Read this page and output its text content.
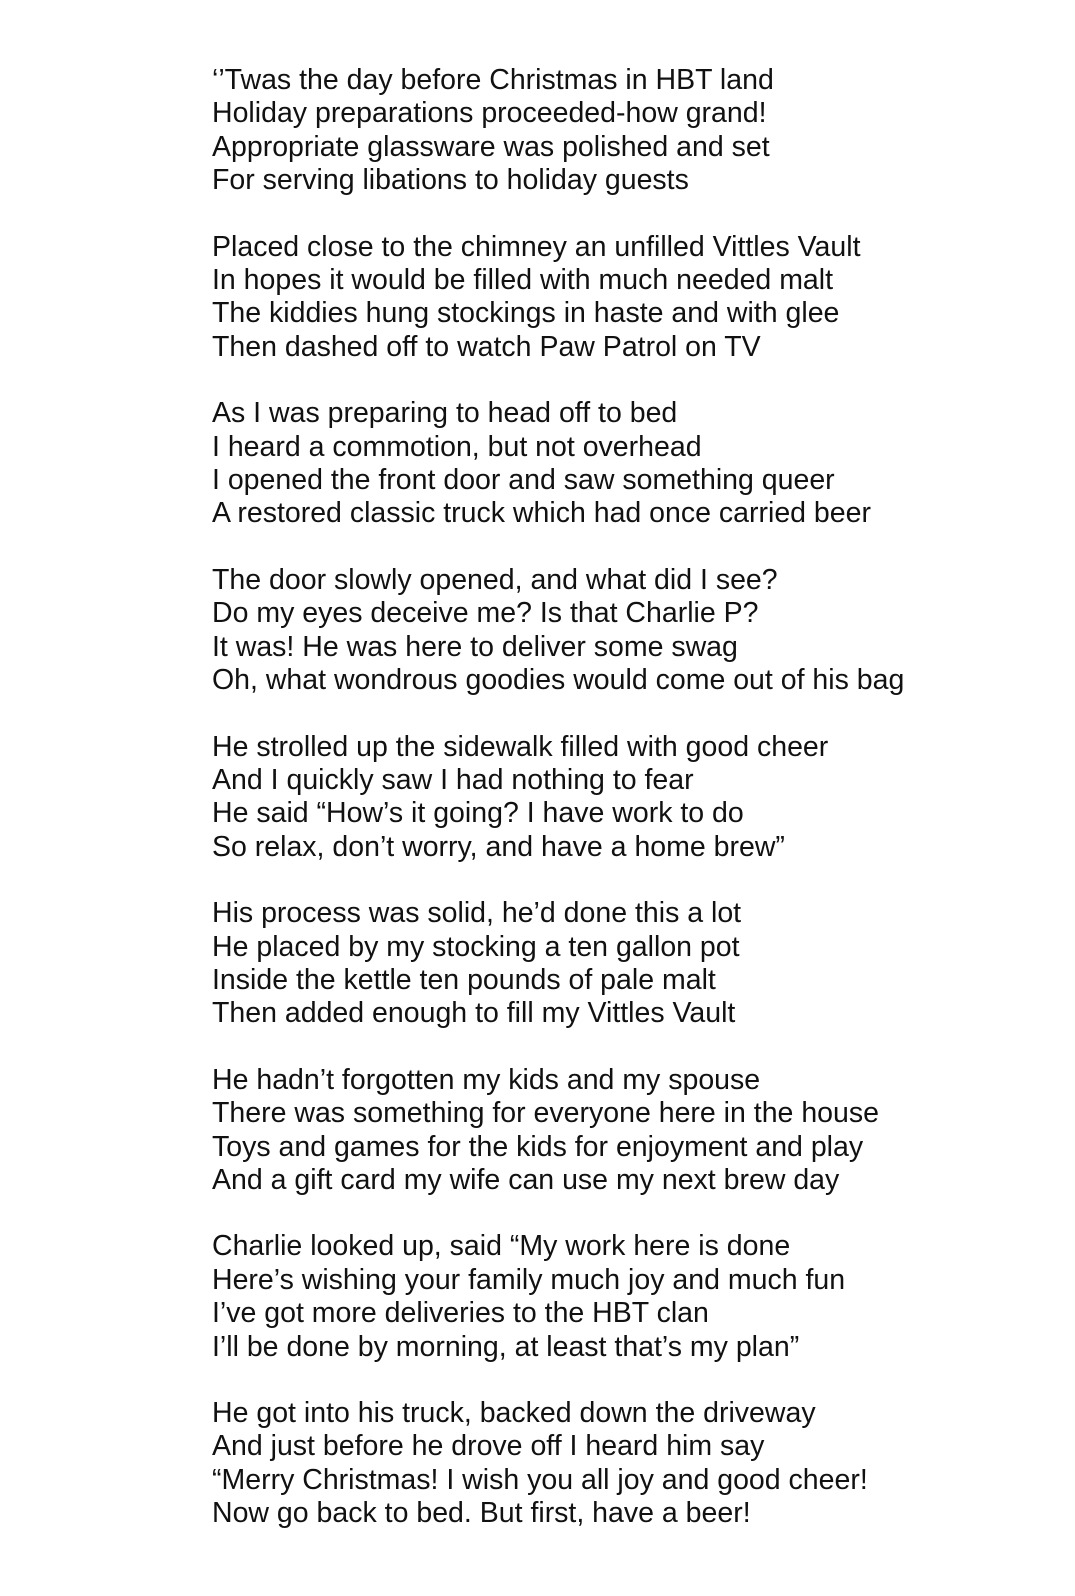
‘’Twas the day before Christmas in HBT land
Holiday preparations proceeded-how grand!
Appropriate glassware was polished and set
For serving libations to holiday guests
Placed close to the chimney an unfilled Vittles Vault
In hopes it would be filled with much needed malt
The kiddies hung stockings in haste and with glee
Then dashed off to watch Paw Patrol on TV
As I was preparing to head off to bed
I heard a commotion, but not overhead
I opened the front door and saw something queer
A restored classic truck which had once carried beer
The door slowly opened, and what did I see?
Do my eyes deceive me? Is that Charlie P?
It was! He was here to deliver some swag
Oh, what wondrous goodies would come out of his bag
He strolled up the sidewalk filled with good cheer
And I quickly saw I had nothing to fear
He said “How’s it going? I have work to do
So relax, don’t worry, and have a home brew”
His process was solid, he’d done this a lot
He placed by my stocking a ten gallon pot
Inside the kettle ten pounds of pale malt
Then added enough to fill my Vittles Vault
He hadn’t forgotten my kids and my spouse
There was something for everyone here in the house
Toys and games for the kids for enjoyment and play
And a gift card my wife can use my next brew day
Charlie looked up, said “My work here is done
Here’s wishing your family much joy and much fun
I’ve got more deliveries to the HBT clan
I’ll be done by morning, at least that’s my plan”
He got into his truck, backed down the driveway
And just before he drove off I heard him say
“Merry Christmas! I wish you all joy and good cheer!
Now go back to bed. But first, have a beer!
